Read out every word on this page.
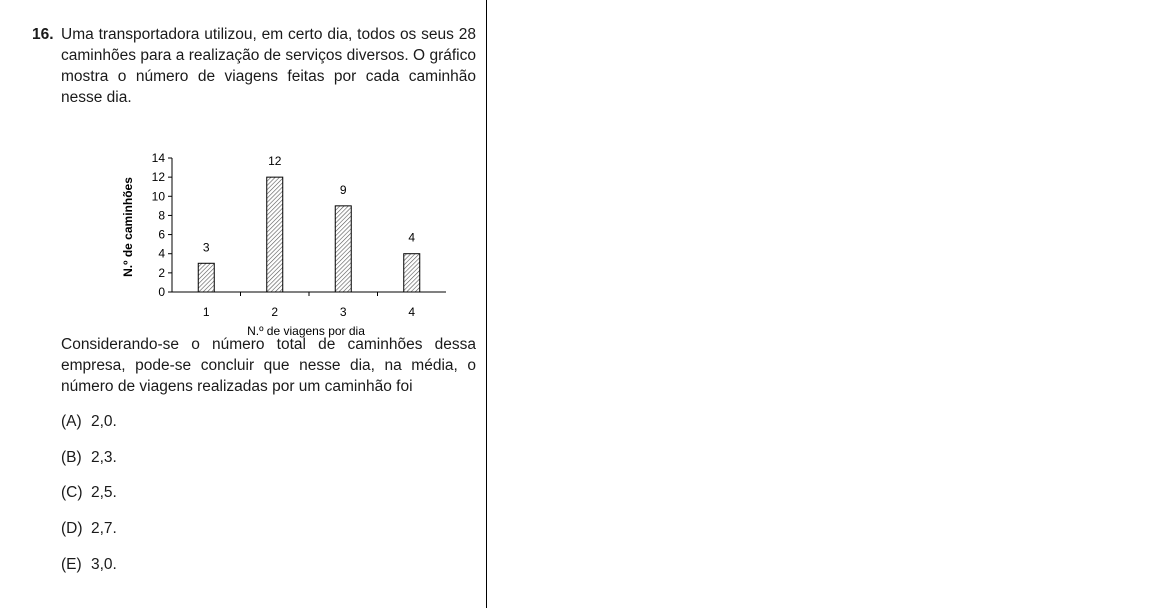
16. Uma transportadora utilizou, em certo dia, todos os seus 28 caminhões para a realização de serviços diversos. O gráfico mostra o número de viagens feitas por cada caminhão nesse dia.

0
2
4
6
8
10
12
14
3
1
12
2
9
3
4
4
N.º de caminhões
N.º de viagens por dia

Considerando-se o número total de caminhões dessa empresa, pode-se concluir que nesse dia, na média, o número de viagens realizadas por um caminhão foi

(A) 2,0.
(B) 2,3.
(C) 2,5.
(D) 2,7.
(E) 3,0.
